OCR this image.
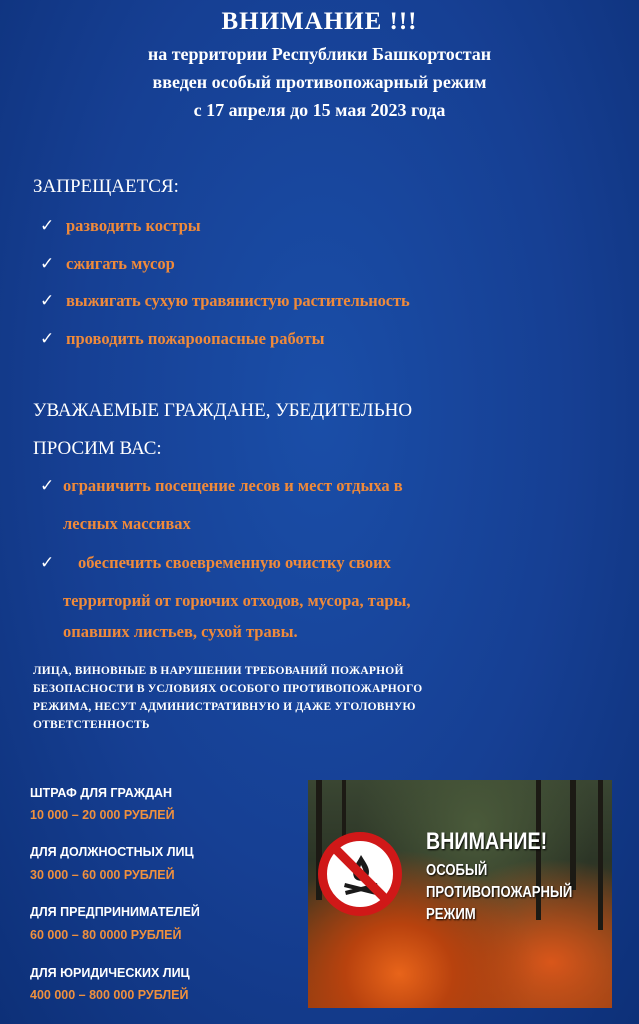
ВНИМАНИЕ !!!
на территории Республики Башкортостан
введен особый противопожарный режим
с 17 апреля до 15 мая 2023 года
ЗАПРЕЩАЕТСЯ:
✓ разводить костры
✓ сжигать мусор
✓ выжигать сухую травянистую растительность
✓ проводить пожароопасные работы
УВАЖАЕМЫЕ ГРАЖДАНЕ, УБЕДИТЕЛЬНО
ПРОСИМ ВАС:
✓ ограничить посещение лесов и мест отдыха в
лесных массивах
✓ обеспечить своевременную очистку своих
территорий от горючих отходов, мусора, тары,
опавших листьев, сухой травы.
ЛИЦА, ВИНОВНЫЕ В НАРУШЕНИИ ТРЕБОВАНИЙ ПОЖАРНОЙ
БЕЗОПАСНОСТИ В УСЛОВИЯХ ОСОБОГО ПРОТИВОПОЖАРНОГО
РЕЖИМА, НЕСУТ АДМИНИСТРАТИВНУЮ И ДАЖЕ УГОЛОВНУЮ
ОТВЕТСТЕННОСТЬ
ШТРАФ ДЛЯ ГРАЖДАН
10 000 – 20 000 РУБЛЕЙ
ДЛЯ ДОЛЖНОСТНЫХ ЛИЦ
30 000 – 60 000 РУБЛЕЙ
ДЛЯ ПРЕДПРИНИМАТЕЛЕЙ
60 000 – 80 0000 РУБЛЕЙ
ДЛЯ ЮРИДИЧЕСКИХ ЛИЦ
400 000 – 800 000 РУБЛЕЙ
ВНИМАНИЕ!
ОСОБЫЙ
ПРОТИВОПОЖАРНЫЙ
РЕЖИМ
